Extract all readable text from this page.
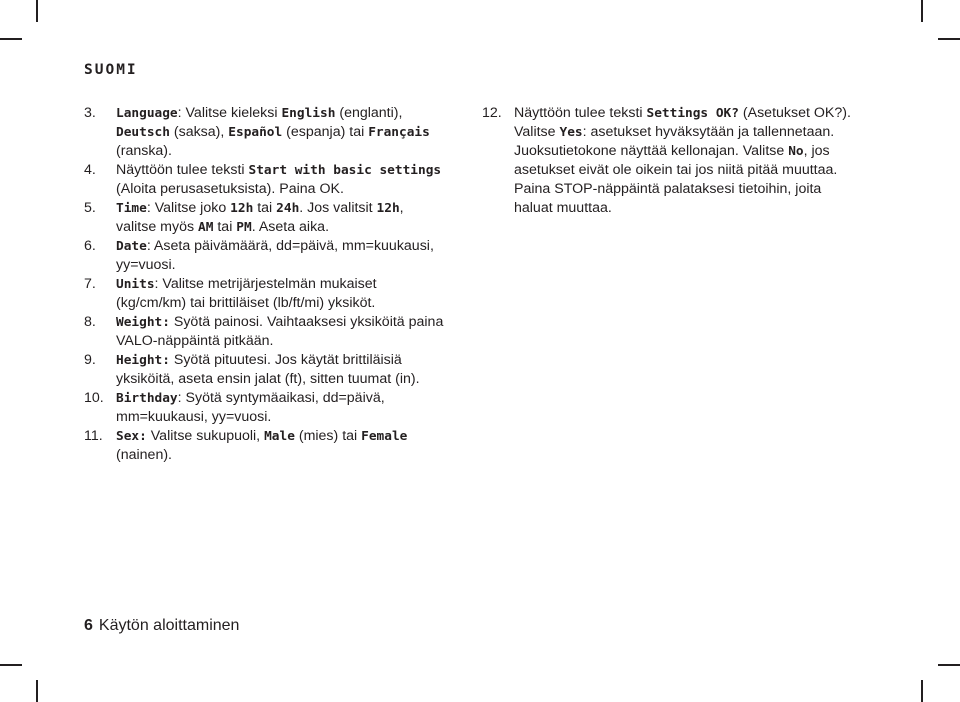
SUOMI
3. Language: Valitse kieleksi English (englanti), Deutsch (saksa), Español (espanja) tai Français (ranska).
4. Näyttöön tulee teksti Start with basic settings (Aloita perusasetuksista). Paina OK.
5. Time: Valitse joko 12h tai 24h. Jos valitsit 12h, valitse myös AM tai PM. Aseta aika.
6. Date: Aseta päivämäärä, dd=päivä, mm=kuukausi, yy=vuosi.
7. Units: Valitse metrijärjestelmän mukaiset (kg/cm/km) tai brittiläiset (lb/ft/mi) yksiköt.
8. Weight: Syötä painosi. Vaihtaaksesi yksiköitä paina VALO-näppäintä pitkään.
9. Height: Syötä pituutesi. Jos käytät brittiläisiä yksiköitä, aseta ensin jalat (ft), sitten tuumat (in).
10. Birthday: Syötä syntymäaikasi, dd=päivä, mm=kuukausi, yy=vuosi.
11. Sex: Valitse sukupuoli, Male (mies) tai Female (nainen).
12. Näyttöön tulee teksti Settings OK? (Asetukset OK?). Valitse Yes: asetukset hyväksytään ja tallennetaan. Juoksutietokone näyttää kellonajan. Valitse No, jos asetukset eivät ole oikein tai jos niitä pitää muuttaa. Paina STOP-näppäintä palataksesi tietoihin, joita haluat muuttaa.
6 Käytön aloittaminen
